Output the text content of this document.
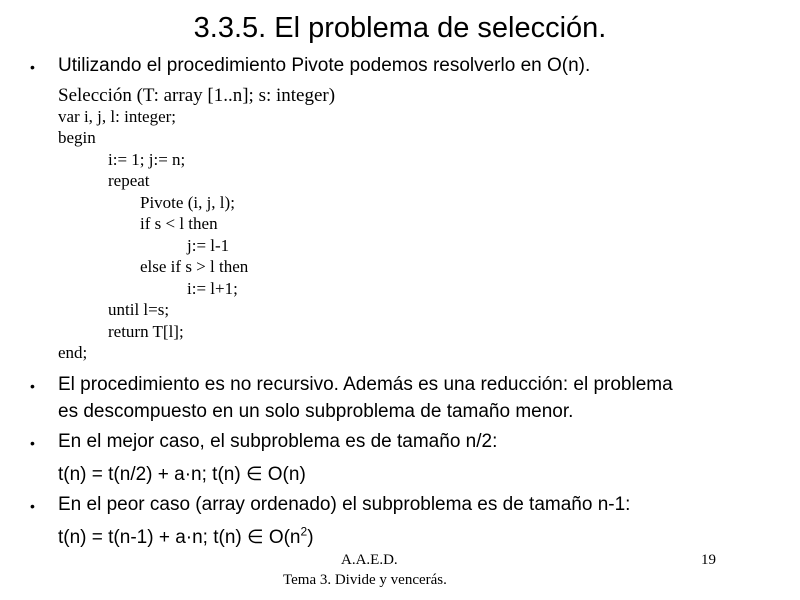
3.3.5. El problema de selección.
• Utilizando el procedimiento Pivote podemos resolverlo en O(n).
Selección (T: array [1..n]; s: integer)
var i, j, l: integer;
begin
i:= 1; j:= n;
repeat
Pivote (i, j, l);
if s < l then
j:= l-1
else if s > l then
i:= l+1;
until l=s;
return T[l];
end;
• El procedimiento es no recursivo. Además es una reducción: el problema
es descompuesto en un solo subproblema de tamaño menor.
• En el mejor caso, el subproblema es de tamaño n/2:
t(n) = t(n/2) + a·n; t(n) ∈ O(n)
• En el peor caso (array ordenado) el subproblema es de tamaño n-1:
t(n) = t(n-1) + a·n; t(n) ∈ $O(n^2)$
A.A.E.D.
Tema 3. Divide y vencerás.
19
